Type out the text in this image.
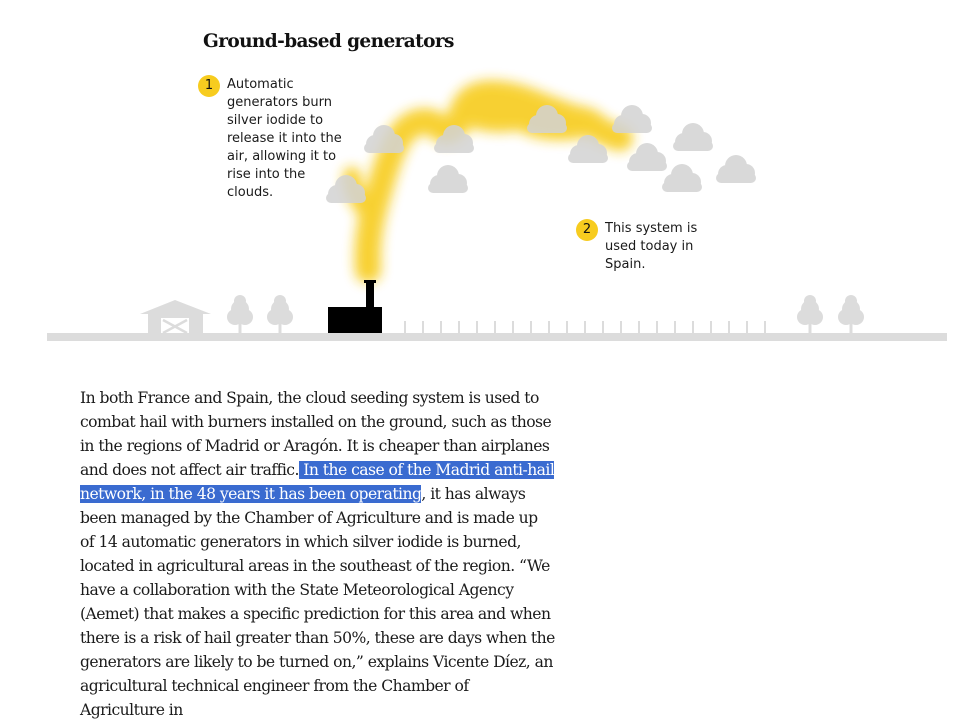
Ground-based generators
1	Automatic generators burn silver iodide to release it into the air, allowing it to rise into the clouds.

2	This system is used today in Spain.

In both France and Spain, the cloud seeding system is used to combat hail with burners installed on the ground, such as those in the regions of Madrid or Aragón. It is cheaper than airplanes and does not affect air traffic. In the case of the Madrid anti-hail network, in the 48 years it has been operating, it has always been managed by the Chamber of Agriculture and is made up of 14 automatic generators in which silver iodide is burned, located in agricultural areas in the southeast of the region. “We have a collaboration with the State Meteorological Agency (Aemet) that makes a specific prediction for this area and when there is a risk of hail greater than 50%, these are days when the generators are likely to be turned on,” explains Vicente Díez, an agricultural technical engineer from the Chamber of Agriculture in
